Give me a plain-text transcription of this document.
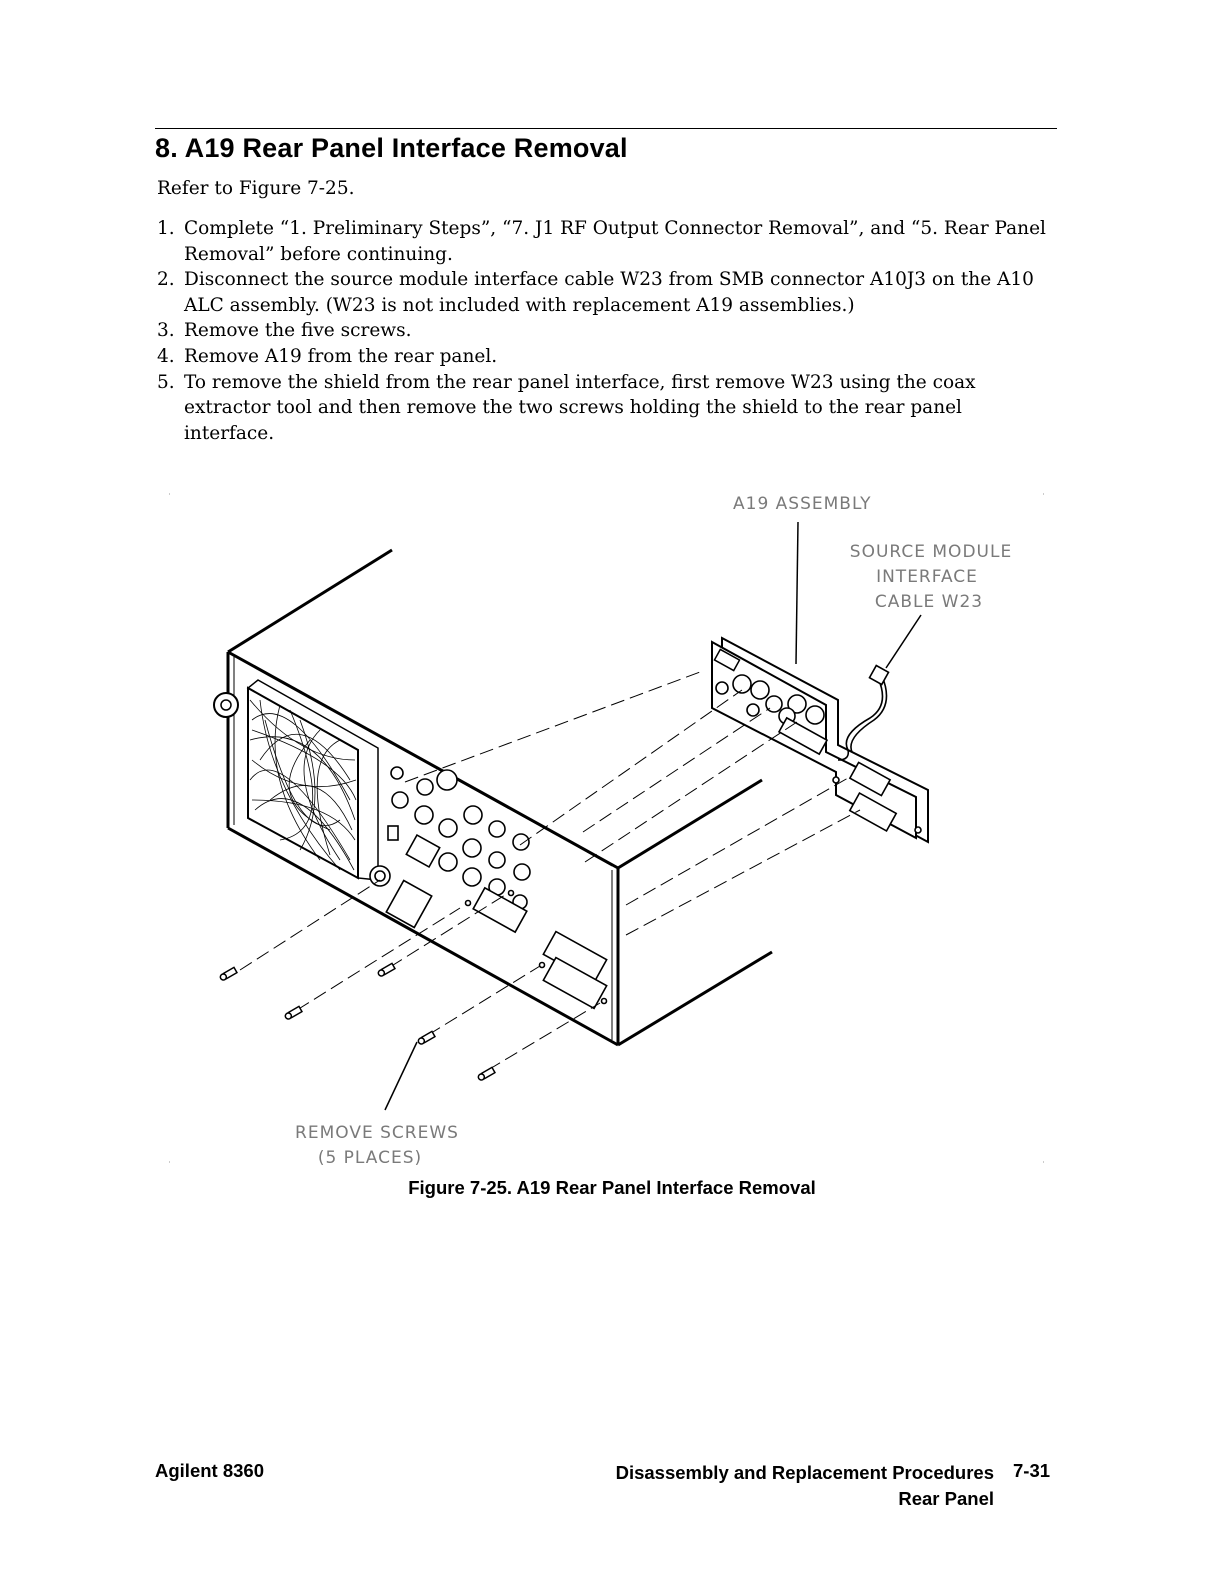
8. A19 Rear Panel Interface Removal

Refer to Figure 7-25.

1. Complete “1. Preliminary Steps”, “7. J1 RF Output Connector Removal”, and “5. Rear Panel Removal” before continuing.
2. Disconnect the source module interface cable W23 from SMB connector A10J3 on the A10 ALC assembly. (W23 is not included with replacement A19 assemblies.)
3. Remove the five screws.
4. Remove A19 from the rear panel.
5. To remove the shield from the rear panel interface, first remove W23 using the coax extractor tool and then remove the two screws holding the shield to the rear panel interface.
A19 ASSEMBLY
SOURCE MODULE
INTERFACE
CABLE W23
REMOVE SCREWS
(5 PLACES)

Figure 7-25. A19 Rear Panel Interface Removal

Agilent 8360	Disassembly and Replacement Procedures
Rear Panel

7-31
